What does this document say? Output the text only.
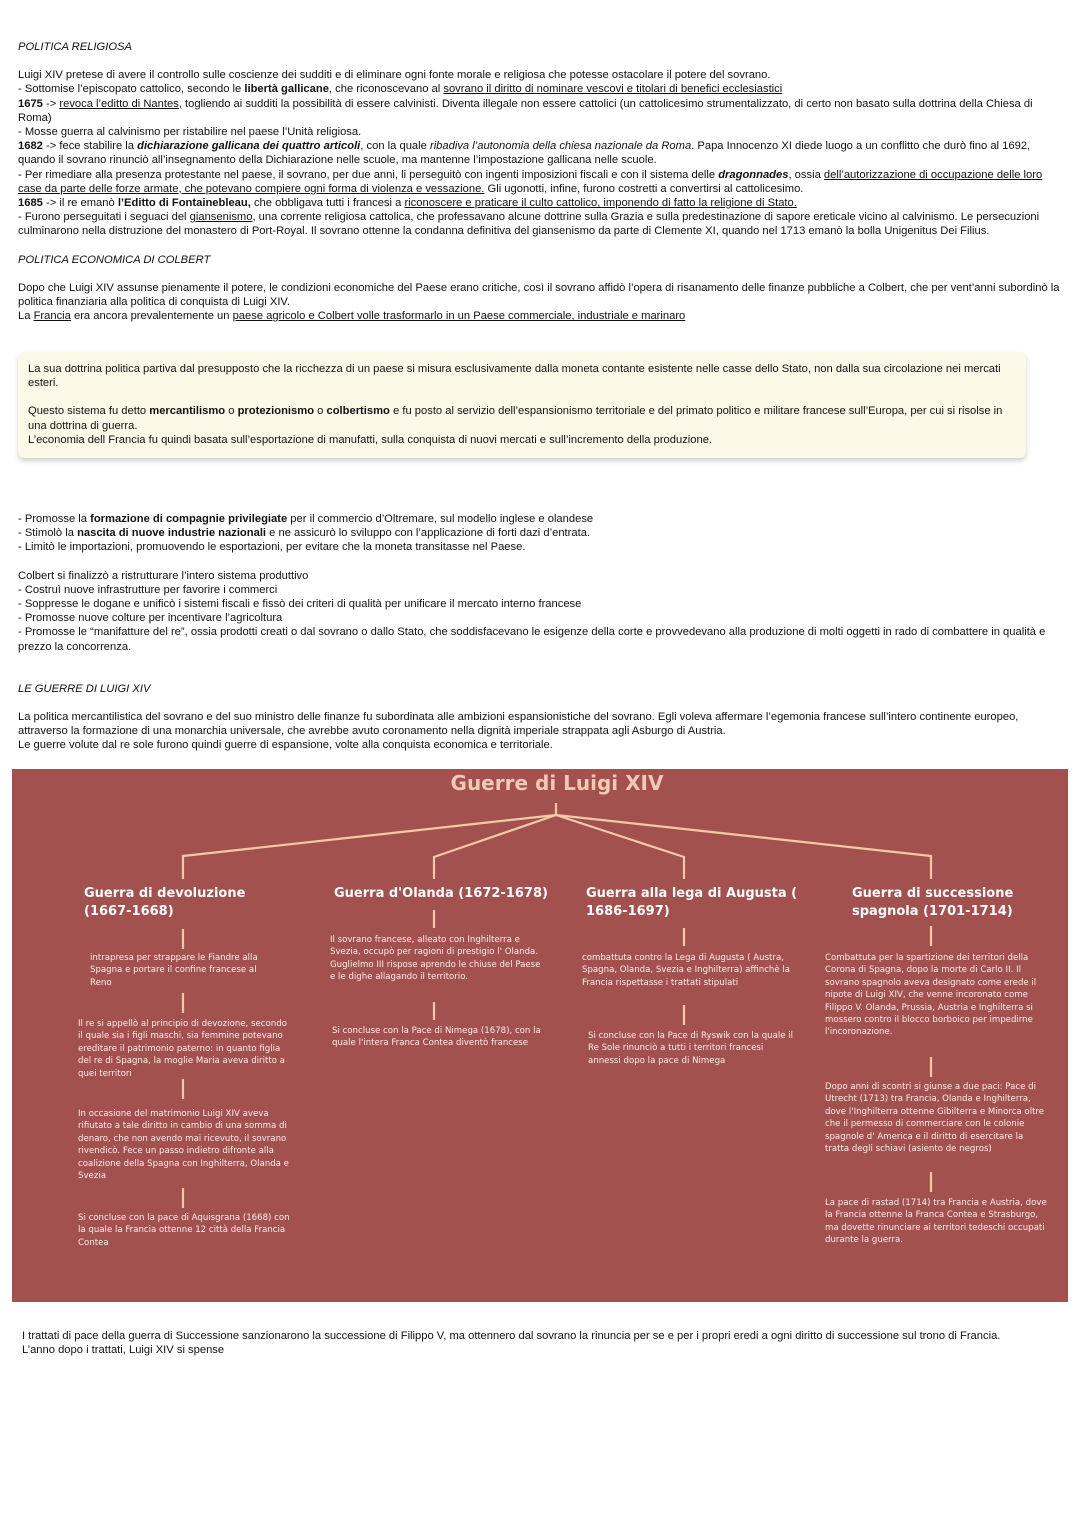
POLITICA RELIGIOSA

Luigi XIV pretese di avere il controllo sulle coscienze dei sudditi e di eliminare ogni fonte morale e religiosa che potesse ostacolare il potere del sovrano.

- Sottomise l’episcopato cattolico, secondo le libertà gallicane, che riconoscevano al sovrano il diritto di nominare vescovi e titolari di benefici ecclesiastici

1675 -> revoca l’editto di Nantes, togliendo ai sudditi la possibilità di essere calvinisti. Diventa illegale non essere cattolici (un cattolicesimo strumentalizzato, di certo non basato sulla dottrina della Chiesa di Roma)

- Mosse guerra al calvinismo per ristabilire nel paese l’Unità religiosa.

1682 -> fece stabilire la dichiarazione gallicana dei quattro articoli, con la quale ribadiva l’autonomia della chiesa nazionale da Roma. Papa Innocenzo XI diede luogo a un conflitto che durò fino al 1692, quando il sovrano rinunciò all’insegnamento della Dichiarazione nelle scuole, ma mantenne l’impostazione gallicana nelle scuole.

- Per rimediare alla presenza protestante nel paese, il sovrano, per due anni, li perseguitò con ingenti imposizioni fiscali e con il sistema delle dragonnades, ossia dell’autorizzazione di occupazione delle loro case da parte delle forze armate, che potevano compiere ogni forma di violenza e vessazione. Gli ugonotti, infine, furono costretti a convertirsi al cattolicesimo.

1685 -> il re emanò l’Editto di Fontainebleau, che obbligava tutti i francesi a riconoscere e praticare il culto cattolico, imponendo di fatto la religione di Stato.

- Furono perseguitati i seguaci del giansenismo, una corrente religiosa cattolica, che professavano alcune dottrine sulla Grazia e sulla predestinazione di sapore ereticale vicino al calvinismo. Le persecuzioni culminarono nella distruzione del monastero di Port-Royal. Il sovrano ottenne la condanna definitiva del giansenismo da parte di Clemente XI, quando nel 1713 emanò la bolla Unigenitus Dei Filius.

POLITICA ECONOMICA DI COLBERT

Dopo che Luigi XIV assunse pienamente il potere, le condizioni economiche del Paese erano critiche, così il sovrano affidò l’opera di risanamento delle finanze pubbliche a Colbert, che per vent’anni subordinò la politica finanziaria alla politica di conquista di Luigi XIV.

La Francia era ancora prevalentemente un paese agricolo e Colbert volle trasformarlo in un Paese commerciale, industriale e marinaro

La sua dottrina politica partiva dal presupposto che la ricchezza di un paese si misura esclusivamente dalla moneta contante esistente nelle casse dello Stato, non dalla sua circolazione nei mercati esteri.

Questo sistema fu detto mercantilismo o protezionismo o colbertismo e fu posto al servizio dell’espansionismo territoriale e del primato politico e militare francese sull’Europa, per cui si risolse in una dottrina di guerra.

L’economia dell Francia fu quindi basata sull’esportazione di manufatti, sulla conquista di nuovi mercati e sull’incremento della produzione.

- Promosse la formazione di compagnie privilegiate per il commercio d’Oltremare, sul modello inglese e olandese

- Stimolò la nascita di nuove industrie nazionali e ne assicurò lo sviluppo con l’applicazione di forti dazi d’entrata.

- Limitò le importazioni, promuovendo le esportazioni, per evitare che la moneta transitasse nel Paese.

Colbert si finalizzò a ristrutturare l’intero sistema produttivo

- Costruì nuove infrastrutture per favorire i commerci

- Soppresse le dogane e unificò i sistemi fiscali e fissò dei criteri di qualità per unificare il mercato interno francese

- Promosse nuove colture per incentivare l’agricoltura

- Promosse le “manifatture del re”, ossia prodotti creati o dal sovrano o dallo Stato, che soddisfacevano le esigenze della corte e provvedevano alla produzione di molti oggetti in rado di combattere in qualità e prezzo la concorrenza.

LE GUERRE DI LUIGI XIV

La politica mercantilistica del sovrano e del suo ministro delle finanze fu subordinata alle ambizioni espansionistiche del sovrano. Egli voleva affermare l’egemonia francese sull’intero continente europeo, attraverso la formazione di una monarchia universale, che avrebbe avuto coronamento nella dignità imperiale strappata agli Asburgo di Austria.

Le guerre volute dal re sole furono quindi guerre di espansione, volte alla conquista economica e territoriale.

Guerre di Luigi XIV
Guerra di devoluzione (1667-1668)
intrapresa per strappare le Fiandre alla Spagna e portare il confine francese al Reno
Il re si appellò al principio di devozione, secondo il quale sia i figli maschi, sia femmine potevano ereditare il patrimonio paterno: in quanto figlia del re di Spagna, la moglie Maria aveva diritto a quei territori
In occasione del matrimonio Luigi XIV aveva rifiutato a tale diritto in cambio di una somma di denaro, che non avendo mai ricevuto, il sovrano rivendicò. Fece un passo indietro difronte alla coalizione della Spagna con Inghilterra, Olanda e Svezia
Si concluse con la pace di Aquisgrana (1668) con la quale la Francia ottenne 12 città della Francia Contea
Guerra d'Olanda (1672-1678)
Il sovrano francese, alleato con Inghilterra e Svezia, occupò per ragioni di prestigio l' Olanda. Guglielmo III rispose aprendo le chiuse del Paese e le dighe allagando il territorio.
Si concluse con la Pace di Nimega (1678), con la quale l'intera Franca Contea diventò francese
Guerra alla lega di Augusta ( 1686-1697)
combattuta contro la Lega di Augusta ( Austra, Spagna, Olanda, Svezia e Inghilterra) affinchè la Francia rispettasse i trattati stipulati
Si concluse con la Pace di Ryswik con la quale il Re Sole rinunciò a tutti i territori francesi annessi dopo la pace di Nimega
Guerra di successione spagnola (1701-1714)
Combattuta per la spartizione dei territori della Corona di Spagna, dopo la morte di Carlo II. Il sovrano spagnolo aveva designato come erede il nipote di Luigi XIV, che venne incoronato come Filippo V. Olanda, Prussia, Austria e Inghilterra si mossero contro il blocco borboico per impedirne l'incoronazione.
Dopo anni di scontri si giunse a due paci: Pace di Utrecht (1713) tra Francia, Olanda e Inghilterra, dove l'Inghilterra ottenne Gibilterra e Minorca oltre che il permesso di commerciare con le colonie spagnole d' America e il diritto di esercitare la tratta degli schiavi (asiento de negros)
La pace di rastad (1714) tra Francia e Austria, dove la Francia ottenne la Franca Contea e Strasburgo, ma dovette rinunciare ai territori tedeschi occupati durante la guerra.

I trattati di pace della guerra di Successione sanzionarono la successione di Filippo V, ma ottennero dal sovrano la rinuncia per se e per i propri eredi a ogni diritto di successione sul trono di Francia.

L’anno dopo i trattati, Luigi XIV si spense
